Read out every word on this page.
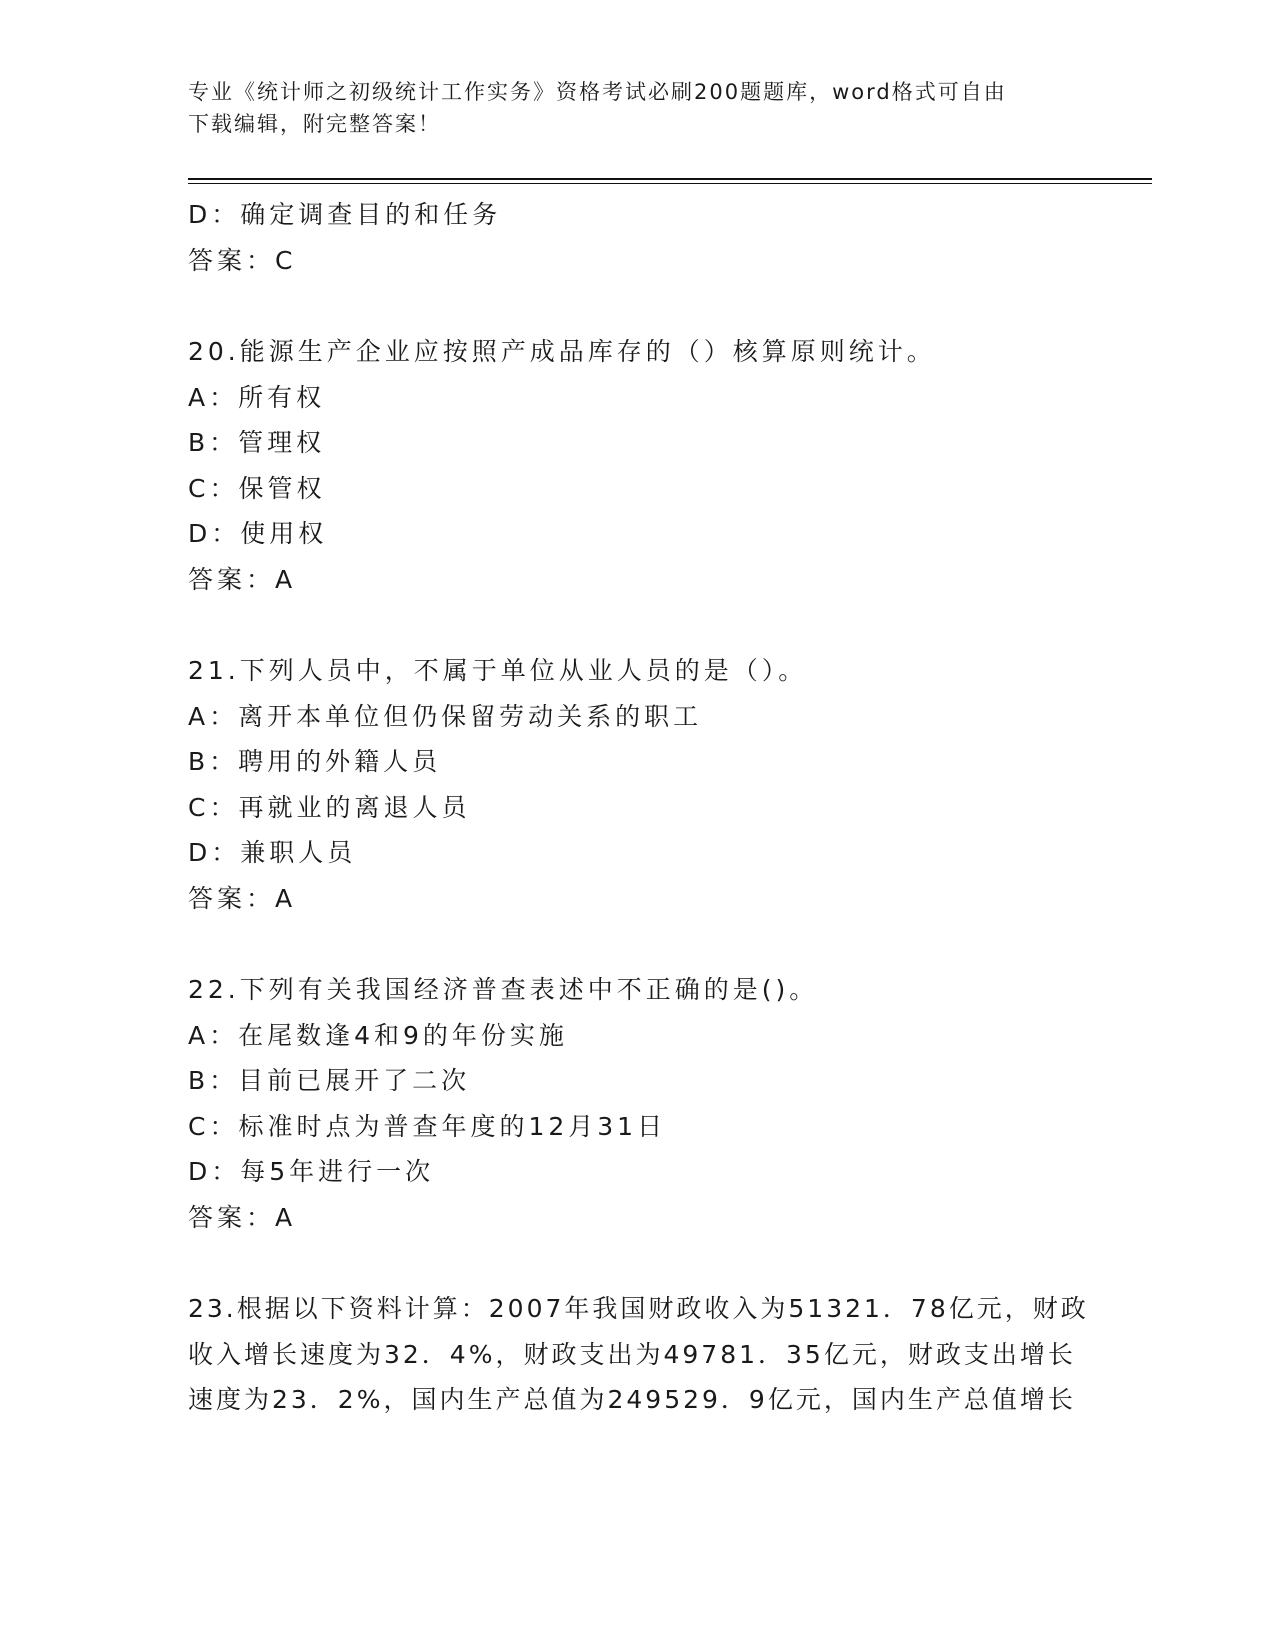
专业《统计师之初级统计工作实务》资格考试必刷200题题库，word格式可自由
下载编辑，附完整答案！
D：确定调查目的和任务
答案：C
20.能源生产企业应按照产成品库存的（）核算原则统计。
A：所有权
B：管理权
C：保管权
D：使用权
答案：A
21.下列人员中，不属于单位从业人员的是（）。
A：离开本单位但仍保留劳动关系的职工
B：聘用的外籍人员
C：再就业的离退人员
D：兼职人员
答案：A
22.下列有关我国经济普查表述中不正确的是()。
A：在尾数逢4和9的年份实施
B：目前已展开了二次
C：标准时点为普查年度的12月31日
D：每5年进行一次
答案：A
23.根据以下资料计算：2007年我国财政收入为51321．78亿元，财政
收入增长速度为32．4%，财政支出为49781．35亿元，财政支出增长
速度为23．2%，国内生产总值为249529．9亿元，国内生产总值增长
